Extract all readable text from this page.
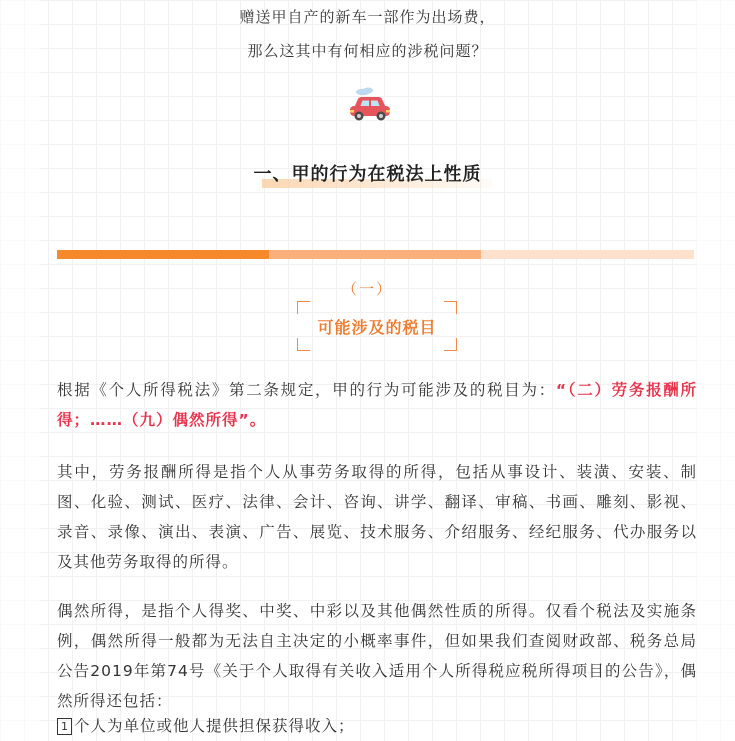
赠送甲自产的新车一部作为出场费，
那么这其中有何相应的涉税问题？
一、甲的行为在税法上性质
（一）
可能涉及的税目
根据《个人所得税法》第二条规定，甲的行为可能涉及的税目为：“（二）劳务报酬所得；……（九）偶然所得”。
其中，劳务报酬所得是指个人从事劳务取得的所得，包括从事设计、装潢、安装、制图、化验、测试、医疗、法律、会计、咨询、讲学、翻译、审稿、书画、雕刻、影视、录音、录像、演出、表演、广告、展览、技术服务、介绍服务、经纪服务、代办服务以及其他劳务取得的所得。
偶然所得，是指个人得奖、中奖、中彩以及其他偶然性质的所得。仅看个税法及实施条例，偶然所得一般都为无法自主决定的小概率事件，但如果我们查阅财政部、税务总局公告2019年第74号《关于个人取得有关收入适用个人所得税应税所得项目的公告》，偶然所得还包括：
1 个人为单位或他人提供担保获得收入；
